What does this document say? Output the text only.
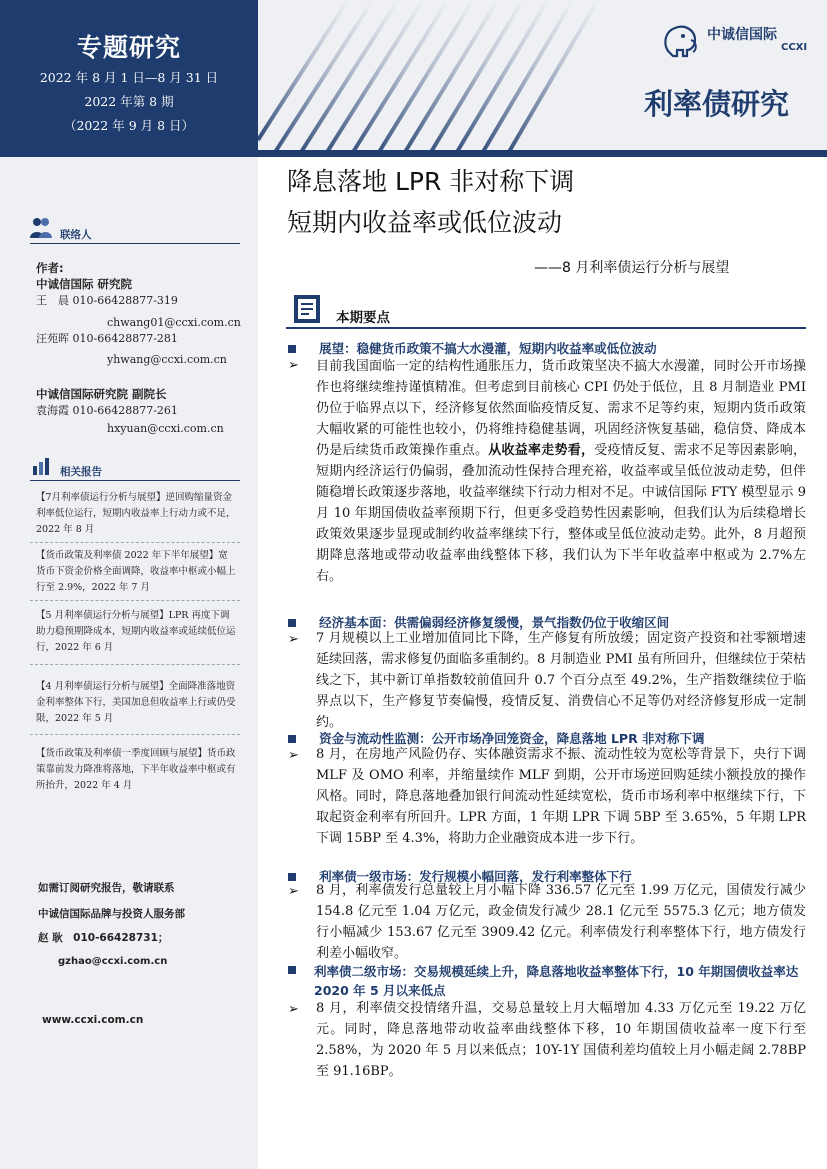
专题研究
2022 年 8 月 1 日—8 月 31 日
2022 年第 8 期
（2022 年 9 月 8 日）
中诚信国际
CCXI
利率债研究
联络人
作者:
中诚信国际 研究院
王　晨 010-66428877-319
chwang01@ccxi.com.cn
汪苑晖 010-66428877-281
yhwang@ccxi.com.cn
中诚信国际研究院 副院长
袁海霞 010-66428877-261
hxyuan@ccxi.com.cn
相关报告
【7月利率债运行分析与展望】逆回购缩量资金利率低位运行，短期内收益率上行动力或不足，2022 年 8 月
【货币政策及利率债 2022 年下半年展望】宽货币下资金价格全面调降，收益率中枢或小幅上行至 2.9%，2022 年 7 月
【5 月利率债运行分析与展望】LPR 再度下调助力稳预期降成本，短期内收益率或延续低位运行，2022 年 6 月
【4 月利率债运行分析与展望】全面降准落地资金利率整体下行，美国加息但收益率上行或仍受限，2022 年 5 月
【货币政策及利率债一季度回顾与展望】货币政策靠前发力降准将落地，下半年收益率中枢或有所抬升，2022 年 4 月
如需订阅研究报告，敬请联系
中诚信国际品牌与投资人服务部
赵 耿　010-66428731；
gzhao@ccxi.com.cn
www.ccxi.com.cn
降息落地 LPR 非对称下调
短期内收益率或低位波动
——8 月利率债运行分析与展望
本期要点
展望：稳健货币政策不搞大水漫灌，短期内收益率或低位波动
➢ 目前我国面临一定的结构性通胀压力，货币政策坚决不搞大水漫灌，同时公开市场操作也将继续维持谨慎精准。但考虑到目前核心 CPI 仍处于低位，且 8 月制造业 PMI 仍位于临界点以下，经济修复依然面临疫情反复、需求不足等约束，短期内货币政策大幅收紧的可能性也较小，仍将维持稳健基调，巩固经济恢复基础，稳信贷、降成本仍是后续货币政策操作重点。从收益率走势看，受疫情反复、需求不足等因素影响，短期内经济运行仍偏弱，叠加流动性保持合理充裕，收益率或呈低位波动走势，但伴随稳增长政策逐步落地，收益率继续下行动力相对不足。中诚信国际 FTY 模型显示 9 月 10 年期国债收益率预期下行，但更多受趋势性因素影响，但我们认为后续稳增长政策效果逐步显现或制约收益率继续下行，整体或呈低位波动走势。此外，8 月超预期降息落地或带动收益率曲线整体下移，我们认为下半年收益率中枢或为 2.7%左右。
经济基本面：供需偏弱经济修复缓慢，景气指数仍位于收缩区间
➢ 7 月规模以上工业增加值同比下降，生产修复有所放缓；固定资产投资和社零额增速延续回落，需求修复仍面临多重制约。8 月制造业 PMI 虽有所回升，但继续位于荣枯线之下，其中新订单指数较前值回升 0.7 个百分点至 49.2%，生产指数继续位于临界点以下，生产修复节奏偏慢，疫情反复、消费信心不足等仍对经济修复形成一定制约。
资金与流动性监测：公开市场净回笼资金，降息落地 LPR 非对称下调
➢ 8 月，在房地产风险仍存、实体融资需求不振、流动性较为宽松等背景下，央行下调 MLF 及 OMO 利率，并缩量续作 MLF 到期，公开市场逆回购延续小额投放的操作风格。同时，降息落地叠加银行间流动性延续宽松，货币市场利率中枢继续下行，下取起资金利率有所回升。LPR 方面，1 年期 LPR 下调 5BP 至 3.65%，5 年期 LPR 下调 15BP 至 4.3%，将助力企业融资成本进一步下行。
利率债一级市场：发行规模小幅回落，发行利率整体下行
➢ 8 月，利率债发行总量较上月小幅下降 336.57 亿元至 1.99 万亿元，国债发行减少 154.8 亿元至 1.04 万亿元，政金债发行减少 28.1 亿元至 5575.3 亿元；地方债发行小幅减少 153.67 亿元至 3909.42 亿元。利率债发行利率整体下行，地方债发行利差小幅收窄。
利率债二级市场：交易规模延续上升，降息落地收益率整体下行，10 年期国债收益率达 2020 年 5 月以来低点
➢ 8 月，利率债交投情绪升温，交易总量较上月大幅增加 4.33 万亿元至 19.22 万亿元。同时，降息落地带动收益率曲线整体下移，10 年期国债收益率一度下行至 2.58%，为 2020 年 5 月以来低点；10Y-1Y 国债利差均值较上月小幅走阔 2.78BP 至 91.16BP。
